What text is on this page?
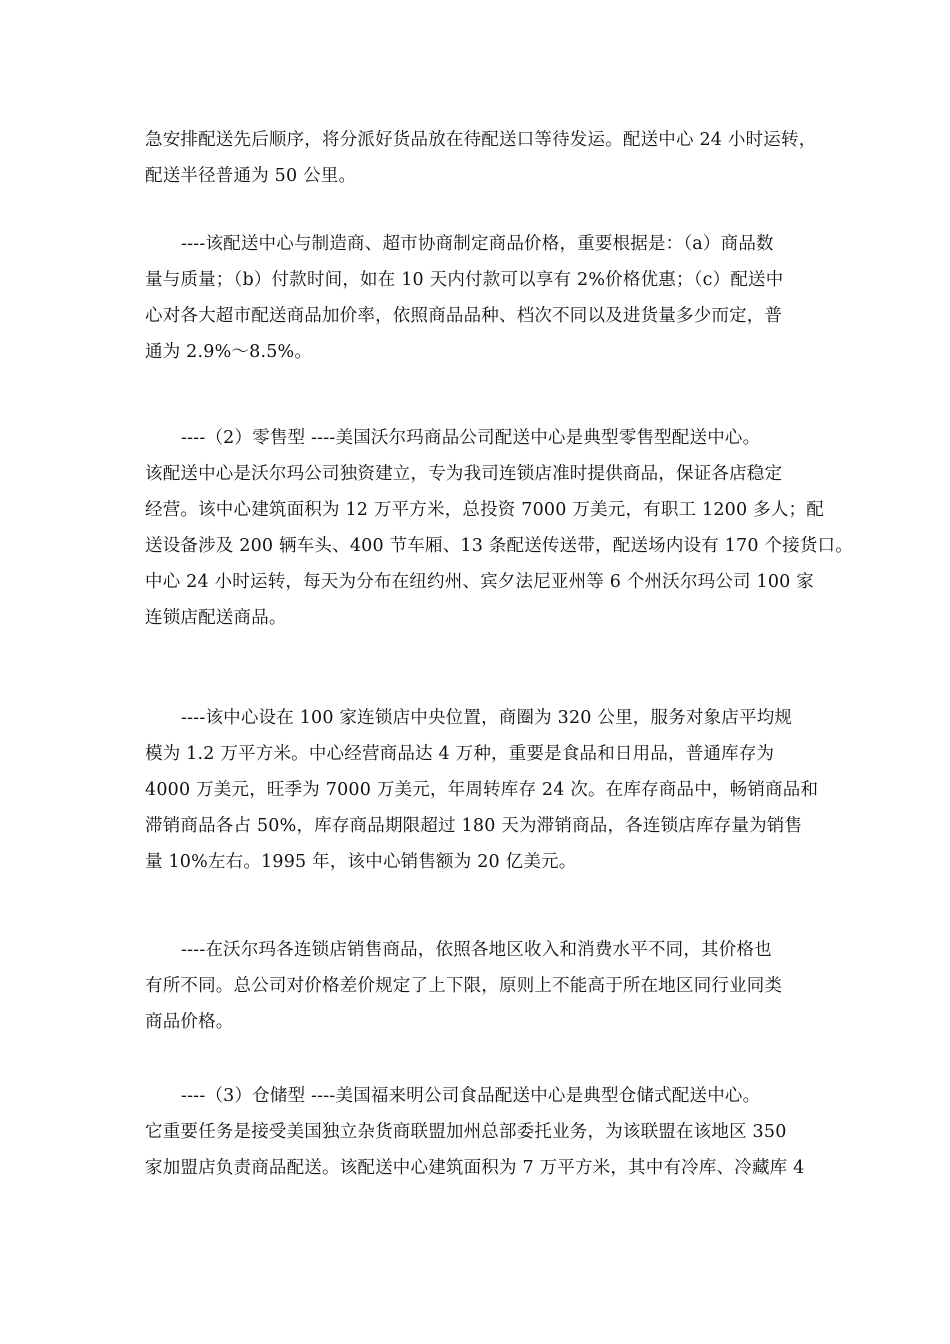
急安排配送先后顺序，将分派好货品放在待配送口等待发运。配送中心 24 小时运转，
配送半径普通为 50 公里。
----该配送中心与制造商、超市协商制定商品价格，重要根据是：（a）商品数
量与质量；（b）付款时间，如在 10 天内付款可以享有 2%价格优惠；（c）配送中
心对各大超市配送商品加价率，依照商品品种、档次不同以及进货量多少而定，普
通为 2.9%～8.5%。
----（2）零售型 ----美国沃尔玛商品公司配送中心是典型零售型配送中心。
该配送中心是沃尔玛公司独资建立，专为我司连锁店准时提供商品，保证各店稳定
经营。该中心建筑面积为 12 万平方米，总投资 7000 万美元，有职工 1200 多人；配
送设备涉及 200 辆车头、400 节车厢、13 条配送传送带，配送场内设有 170 个接货口。
中心 24 小时运转，每天为分布在纽约州、宾夕法尼亚州等 6 个州沃尔玛公司 100 家
连锁店配送商品。
----该中心设在 100 家连锁店中央位置，商圈为 320 公里，服务对象店平均规
模为 1.2 万平方米。中心经营商品达 4 万种，重要是食品和日用品，普通库存为
4000 万美元，旺季为 7000 万美元，年周转库存 24 次。在库存商品中，畅销商品和
滞销商品各占 50%，库存商品期限超过 180 天为滞销商品，各连锁店库存量为销售
量 10%左右。1995 年，该中心销售额为 20 亿美元。
----在沃尔玛各连锁店销售商品，依照各地区收入和消费水平不同，其价格也
有所不同。总公司对价格差价规定了上下限，原则上不能高于所在地区同行业同类
商品价格。
----（3）仓储型 ----美国福来明公司食品配送中心是典型仓储式配送中心。
它重要任务是接受美国独立杂货商联盟加州总部委托业务，为该联盟在该地区 350
家加盟店负责商品配送。该配送中心建筑面积为 7 万平方米，其中有冷库、冷藏库 4
